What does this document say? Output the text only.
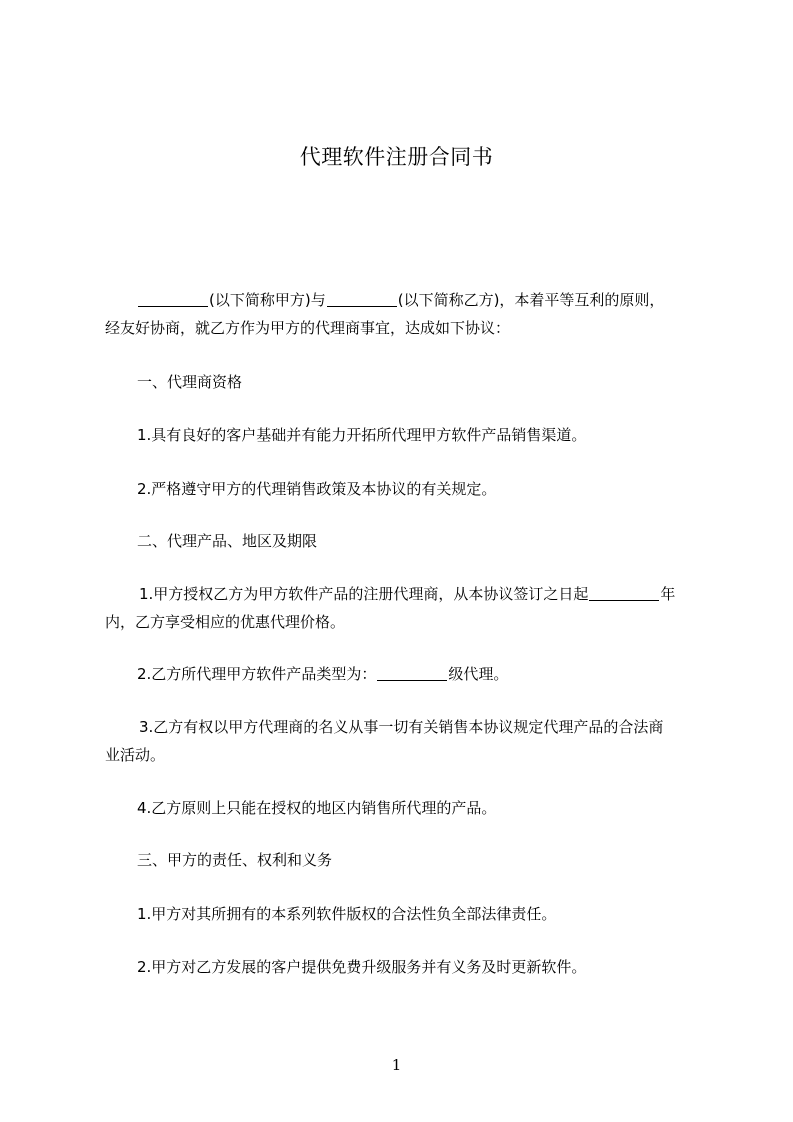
代理软件注册合同书
(以下简称甲方)与	(以下简称乙方)，本着平等互利的原则，
经友好协商，就乙方作为甲方的代理商事宜，达成如下协议：
一、代理商资格
1.具有良好的客户基础并有能力开拓所代理甲方软件产品销售渠道。
2.严格遵守甲方的代理销售政策及本协议的有关规定。
二、代理产品、地区及期限
1.甲方授权乙方为甲方软件产品的注册代理商，从本协议签订之日起	年
内，乙方享受相应的优惠代理价格。
2.乙方所代理甲方软件产品类型为：	级代理。
3.乙方有权以甲方代理商的名义从事一切有关销售本协议规定代理产品的合法商
业活动。
4.乙方原则上只能在授权的地区内销售所代理的产品。
三、甲方的责任、权利和义务
1.甲方对其所拥有的本系列软件版权的合法性负全部法律责任。
2.甲方对乙方发展的客户提供免费升级服务并有义务及时更新软件。
1
